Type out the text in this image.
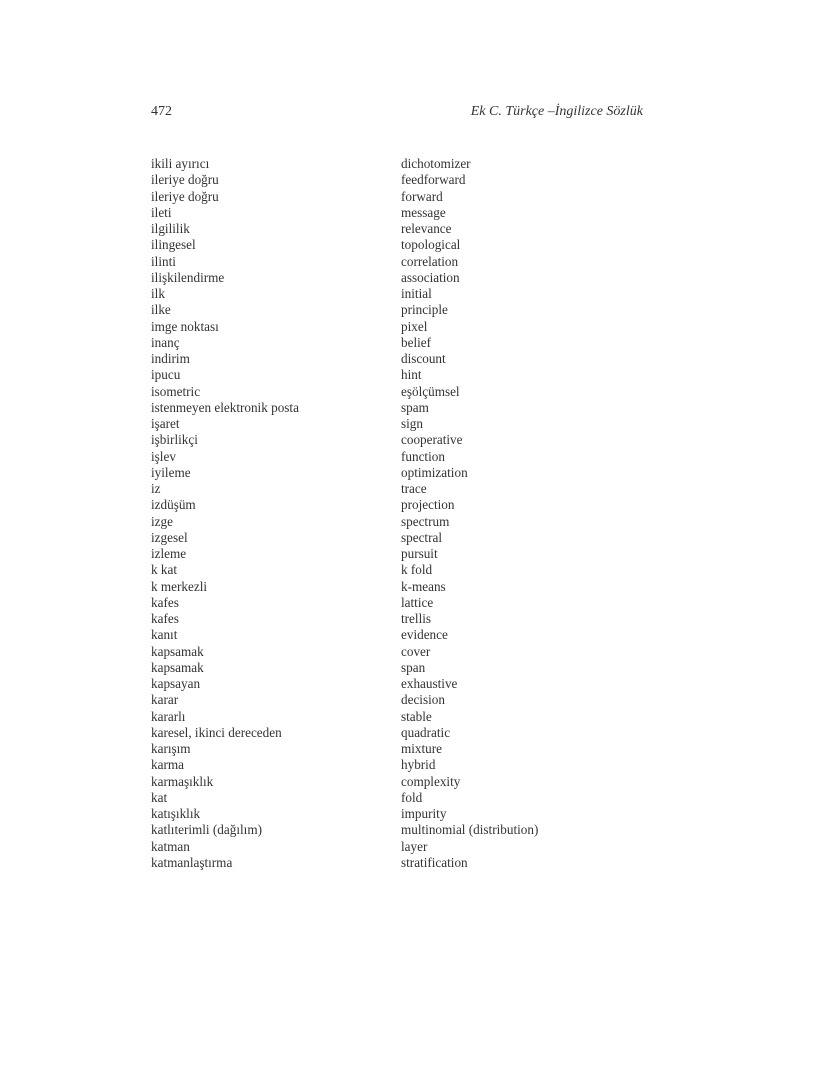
472	Ek C. Türkçe –İngilizce Sözlük
ikili ayırıcı	dichotomizer
ileriye doğru	feedforward
ileriye doğru	forward
ileti	message
ilgililik	relevance
ilingesel	topological
ilinti	correlation
ilişkilendirme	association
ilk	initial
ilke	principle
imge noktası	pixel
inanç	belief
indirim	discount
ipucu	hint
isometric	eşölçümsel
istenmeyen elektronik posta	spam
işaret	sign
işbirlikçi	cooperative
işlev	function
iyileme	optimization
iz	trace
izdüşüm	projection
izge	spectrum
izgesel	spectral
izleme	pursuit
k kat	k fold
k merkezli	k-means
kafes	lattice
kafes	trellis
kanıt	evidence
kapsamak	cover
kapsamak	span
kapsayan	exhaustive
karar	decision
kararlı	stable
karesel, ikinci dereceden	quadratic
karışım	mixture
karma	hybrid
karmaşıklık	complexity
kat	fold
katışıklık	impurity
katlıterimli (dağılım)	multinomial (distribution)
katman	layer
katmanlaştırma	stratification
